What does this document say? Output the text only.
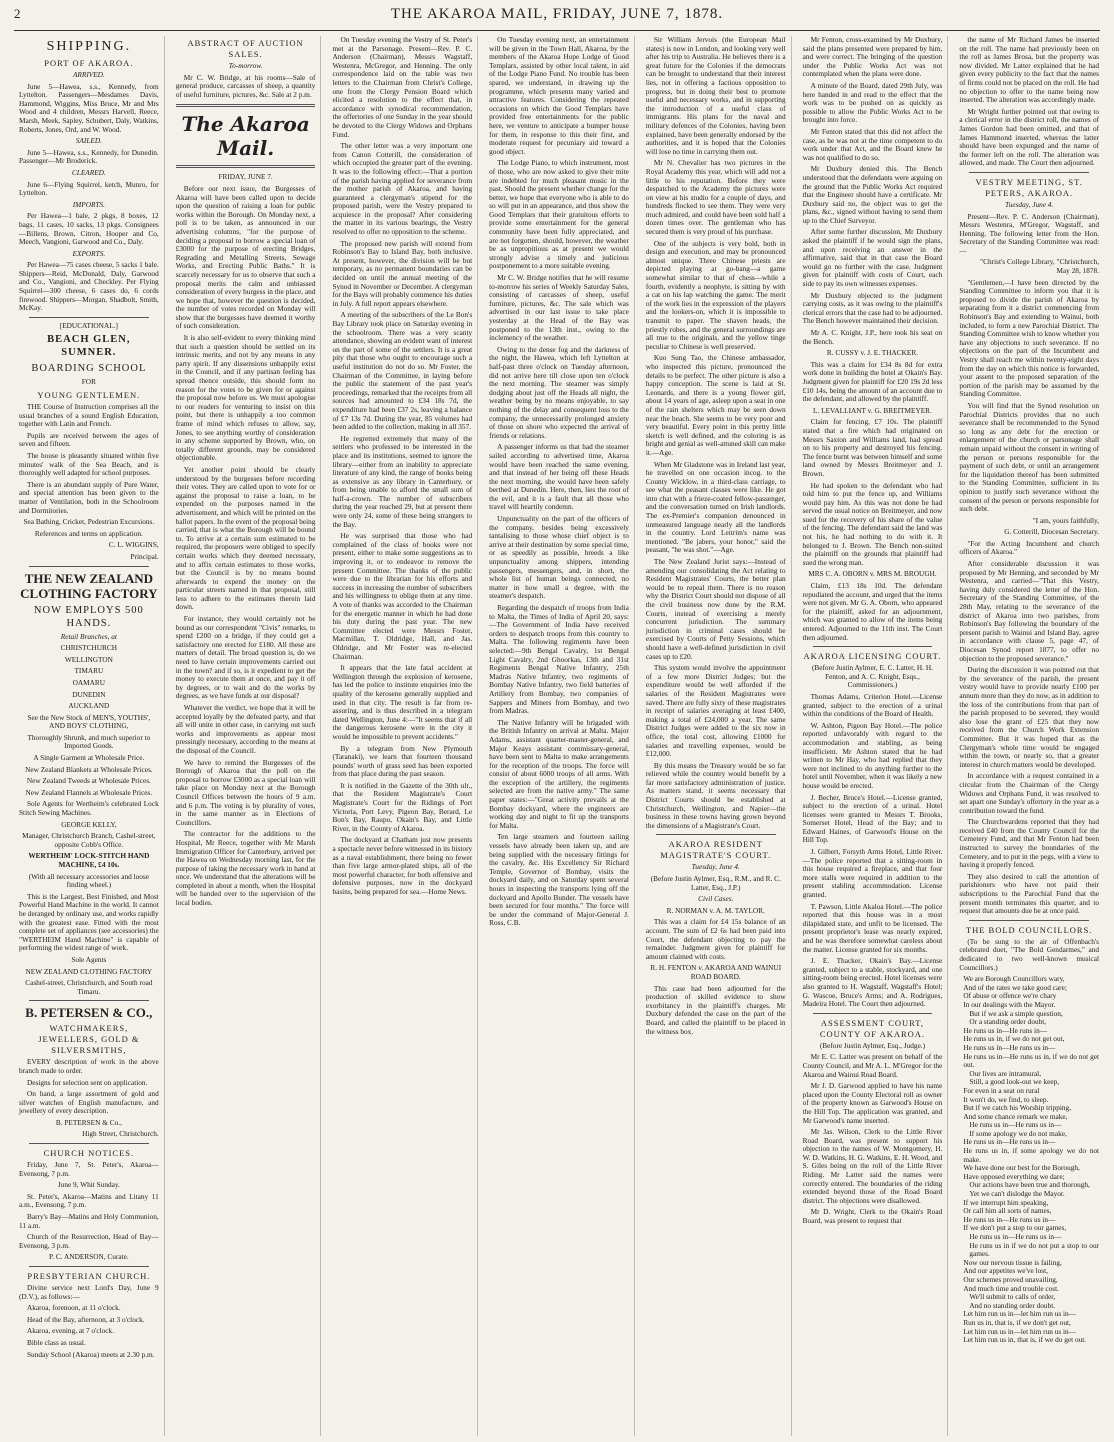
2	THE AKAROA MAIL, FRIDAY, JUNE 7, 1878.
SHIPPING.
PORT OF AKAROA.

ARRIVED.

June 5—Hawea, s.s., Kennedy, from Lyttelton. Passengers—Mesdames Davis, Hammond, Wiggins, Miss Bruce, Mr and Mrs Wood and 4 children, Messrs Harvell, Reece, Marsh, Meek, Sapley, Schubert, Daly, Watkins, Roberts, Jones, Ord, and W. Wood.

SAILED.

June 5—Hawea, s.s., Kennedy, for Dunedin. Passenger—Mr Broderick.

CLEARED.

June 6—Flying Squirrel, ketch, Munro, for Lyttelton.

IMPORTS.

Per Hawea—1 bale, 2 pkgs, 8 boxes, 12 bags, 11 cases, 10 sacks, 13 pkgs. Consignees—Billens, Brown, Citron, Hooper and Co, Meech, Vangioni, Garwood and Co., Daly.

EXPORTS.

Per Hawea—75 cases cheese, 5 sacks 1 bale. Shippers—Reid, McDonald, Daly, Garwood and Co., Vangioni, and Checkley. Per Flying Squirrel—300 cheese, 6 cases do, 6 cords firewood. Shippers—Morgan, Shadbolt, Smith, McKay.

[EDUCATIONAL.]

BEACH GLEN, SUMNER.
BOARDING SCHOOL

FOR

YOUNG GENTLEMEN.

THE Course of Instruction comprises all the usual branches of a sound English Education, together with Latin and French.

Pupils are received between the ages of seven and fifteen.

The house is pleasantly situated within five minutes' walk of the Sea Beach, and is thoroughly well adapted for school purposes.

There is an abundant supply of Pure Water, and special attention has been given to the matter of Ventilation, both in the Schoolroom and Dormitories.

Sea Bathing, Cricket, Pedestrian Excursions.

References and terms on application.

C. L. WIGGINS,

Principal.

THE NEW ZEALAND CLOTHING FACTORY
NOW EMPLOYS 500 HANDS.

Retail Branches, at

CHRISTCHURCH

WELLINGTON

TIMARU

OAMARU

DUNEDIN

AUCKLAND

See the New Stock of MEN'S, YOUTHS', AND BOYS' CLOTHING,

Thoroughly Shrunk, and much superior to Imported Goods.

A Single Garment at Wholesale Price.

New Zealand Blankets at Wholesale Prices.

New Zealand Tweeds at Wholesale Prices.

New Zealand Flannels at Wholesale Prices.

Sole Agents for Wertheim's celebrated Lock Stitch Sewing Machines.

GEORGE KELLY,

Manager, Christchurch Branch, Cashel-street, opposite Cobb's Office.

WERTHEIM' LOCK-STITCH HAND MACHINE, £4 10s.

(With all necessary accessories and loose finding wheel.)

This is the Largest, Best Finished, and Most Powerful Hand Machine in the world. It cannot be deranged by ordinary use, and works rapidly with the greatest ease. Fitted with the most complete set of appliances (see accessories) the "WERTHEIM Hand Machine" is capable of performing the widest range of work.

Sole Agents

NEW ZEALAND CLOTHING FACTORY

Cashel-street, Christchurch, and South road Timaru.

B. PETERSEN & CO.,
WATCHMAKERS, JEWELLERS, GOLD & SILVERSMITHS,

EVERY description of work in the above branch made to order.

Designs for selection sent on application.

On hand, a large assortment of gold and silver watches of English manufacture, and jewellery of every description.

B. PETERSEN & Co.,

High Street, Christchurch.

CHURCH NOTICES.

Friday, June 7, St. Peter's, Akaroa—Evensong, 7 p.m.

June 9, Whit Sunday.

St. Peter's, Akaroa—Matins and Litany 11 a.m., Evensong, 7 p.m.

Barry's Bay—Matins and Holy Communion, 11 a.m.

Church of the Resurrection, Head of Bay—Evensong, 3 p.m.

P. C. ANDERSON, Curate.

PRESBYTERIAN CHURCH.

Divine service next Lord's Day, June 9 (D.V.), as follows:—

Akaroa, forenoon, at 11 o'clock.

Head of the Bay, afternoon, at 3 o'clock.

Akaroa, evening, at 7 o'clock.

Bible class as usual.

Sunday School (Akaroa) meets at 2.30 p.m.

ABSTRACT OF AUCTION SALES.

To-morrow.

Mr C. W. Bridge, at his rooms—Sale of general produce, carcasses of sheep, a quantity of useful furniture, pictures, &c. Sale at 2 p.m.

The Akaroa Mail.

FRIDAY, JUNE 7.

Before our next issue, the Burgesses of Akaroa will have been called upon to decide upon the question of raising a loan for public works within the Borough. On Monday next, a poll is to be taken, as announced in our advertising columns, "for the purpose of deciding a proposal to borrow a special loan of £3000 for the purpose of erecting Bridges, Regrading and Metalling Streets, Sewage Works, and Erecting Public Baths." It is scarcely necessary for us to observe that such a proposal merits the calm and unbiassed consideration of every burgess in the place, and we hope that, however the question is decided, the number of votes recorded on Monday will show that the burgesses have deemed it worthy of such consideration.

It is also self-evident to every thinking mind that such a question should be settled on its intrinsic merits, and not by any means in any party spirit. If any dissensions unhappily exist in the Council, and if any partisan feeling has spread thence outside, this should form no reason for the votes to be given for or against the proposal now before us. We must apologise to our readers for venturing to insist on this point, but there is unhappily a too common frame of mind which refuses to allow, say, Jones, to see anything worthy of consideration in any scheme supported by Brown, who, on totally different grounds, may be considered objectionable.

Yet another point should be clearly understood by the burgesses before recording their votes. They are called upon to vote for or against the proposal to raise a loan, to be expended on the purposes named in the advertisement, and which will be printed on the ballot papers. In the event of the proposal being carried, that is what the Borough will be bound to. To arrive at a certain sum estimated to be required, the proposers were obliged to specify certain works which they deemed necessary, and to affix certain estimates to those works, but the Council is by no means bound afterwards to expend the money on the particular streets named in that proposal, still less to adhere to the estimates therein laid down.

For instance, they would certainly not be bound as our correspondent "Civis" remarks, to spend £200 on a bridge, if they could get a satisfactory one erected for £180. All these are matters of detail. The broad question is, do we need to have certain improvements carried out in the town? and if so, is it expedient to get the money to execute them at once, and pay it off by degrees, or to wait and do the works by degrees, as we have funds at our disposal?

Whatever the verdict, we hope that it will be accepted loyally by the defeated party, and that all will unite in other case, in carrying out such works and improvements as appear most pressingly necessary, according to the means at the disposal of the Council.

We have to remind the Burgesses of the Borough of Akaroa that the poll on the proposal to borrow £3000 as a special loan will take place on Monday next at the Borough Council Offices between the hours of 9 a.m. and 6 p.m. The voting is by plurality of votes, in the same manner as in Elections of Councillors.

The contractor for the additions to the Hospital, Mr Reece, together with Mr Marsh Immigration Officer for Canterbury, arrived per the Hawea on Wednesday morning last, for the purpose of taking the necessary work in hand at once. We understand that the alterations will be completed in about a month, when the Hospital will be handed over to the supervision of the local bodies.

On Tuesday evening the Vestry of St. Peter's met at the Parsonage. Present—Rev. P. C. Anderson (Chairman), Messrs Wagstaff, Westenra, McGregor, and Henning. The only correspondence laid on the table was two letters to the Chairman from Christ's College, one from the Clergy Pension Board which elicited a resolution to the effect that, in accordance with synodical recommendation, the offertories of one Sunday in the year should be devoted to the Clergy Widows and Orphans Fund.

The other letter was a very important one from Canon Cotterill, the consideration of which occupied the greater part of the evening. It was to the following effect:—That a portion of the parish having applied for severance from the mother parish of Akaroa, and having guaranteed a clergyman's stipend for the proposed parish, were the Vestry prepared to acquiesce in the proposal? After considering the matter in its various bearings, the Vestry resolved to offer no opposition to the scheme.

The proposed new parish will extend from Robinson's Bay to Island Bay, both inclusive. At present, however, the division will be but temporary, as no permanent boundaries can be decided on until the annual meeting of the Synod in November or December. A clergyman for the Bays will probably commence his duties in July. A full report appears elsewhere.

A meeting of the subscribers of the Le Bon's Bay Library took place on Saturday evening in the schoolroom. There was a very scanty attendance, showing an evident want of interest on the part of some of the settlers. It is a great pity that those who ought to encourage such a useful institution do not do so. Mr Foster, the Chairman of the Committee, in laying before the public the statement of the past year's proceedings, remarked that the receipts from all sources had amounted to £34 18s 7d, the expenditure had been £37 2s, leaving a balance of £7 13s 7d. During the year, 85 volumes had been added to the collection, making in all 357.

He regretted extremely that many of the settlers who professed to be interested in the place and its institutions, seemed to ignore the library—either from an inability to appreciate literature of any kind, the range of books being as extensive as any library in Canterbury, or from being unable to afford the small sum of half-a-crown. The number of subscribers during the year reached 29, but at present there were only 24, some of these being strangers to the Bay.

He was surprised that those who had complained of the class of books were not present, either to make some suggestions as to improving it, or to endeavor to remove the present Committee. The thanks of the public were due to the librarian for his efforts and success in increasing the number of subscribers and his willingness to oblige them at any time. A vote of thanks was accorded to the Chairman for the energetic manner in which he had done his duty during the past year. The new Committee elected were Messrs Foster, Macmillan, T. Oldridge, Hall, and Jas. Oldridge, and Mr Foster was re-elected Chairman.

It appears that the late fatal accident at Wellington through the explosion of kerosene, has led the police to institute enquiries into the quality of the kerosene generally supplied and used in that city. The result is far from re-assuring, and is thus described in a telegram dated Wellington, June 4:—"It seems that if all the dangerous kerosene were in the city it would be impossible to prevent accidents."

By a telegram from New Plymouth (Taranaki), we learn that fourteen thousand pounds' worth of grass seed has been exported from that place during the past season.

It is notified in the Gazette of the 30th ult., that the Resident Magistrate's Court Magistrate's Court for the Ridings of Port Victoria, Port Levy, Pigeon Bay, Berard, Le Bon's Bay, Raupo, Okain's Bay, and Little River, in the County of Akaroa.

The dockyard at Chatham just now presents a spectacle never before witnessed in its history as a naval establishment, there being no fewer than five large armor-plated ships, all of the most powerful character, for both offensive and defensive purposes, now in the dockyard basins, being prepared for sea.—Home News.

On Tuesday evening next, an entertainment will be given in the Town Hall, Akaroa, by the members of the Akaroa Hope Lodge of Good Templars, assisted by other local talent, in aid of the Lodge Piano Fund. No trouble has been spared, we understand, in drawing up the programme, which presents many varied and attractive features. Considering the repeated occasions on which the Good Templars have provided free entertainments for the public here, we venture to anticipate a bumper house for them, in response to this their first, and moderate request for pecuniary aid toward a good object.

The Lodge Piano, to which instrument, most of those, who are now asked to give their mite are indebted for much pleasant music in the past. Should the present whether change for the better, we hope that everyone who is able to do so will put in an appearance, and thus show the Good Templars that their gratuitous efforts to provide some entertainment for the general community have been fully appreciated, and are not forgotten, should, however, the weather be as unpropitious as at present we would strongly advise a timely and judicious postponement to a more suitable evening.

Mr C. W. Bridge notifies that he will resume to-morrow his series of Weekly Saturday Sales, consisting of carcasses of sheep, useful furniture, pictures, &c. The sale which was advertised in our last issue to take place yesterday at the Head of the Bay was postponed to the 13th inst., owing to the inclemency of the weather.

Owing to the dense fog and the darkness of the night, the Hawea, which left Lyttelton at half-past three o'clock on Tuesday afternoon, did not arrive here till close upon ten o'clock the next morning. The steamer was simply dodging about just off the Heads all night, the weather being by no means enjoyable, to say nothing of the delay and consequent loss to the company, the unnecessarily prolonged anxiety of those on shore who expected the arrival of friends or relations.

A passenger informs us that had the steamer sailed according to advertised time, Akaroa would have been reached the same evening, and that instead of her being off these Heads the next morning, she would have been safely berthed at Dunedin. Here, then, lies the root of the evil, and it is a fault that all those who travel will heartily condemn.

Unpunctuality on the part of the officers of the company, besides being excessively tantalising to those whose chief object is to arrive at their destination by some special time, or as speedily as possible, breeds a like unpunctuality among shippers, intending passengers, messengers, and, in short, the whole list of human beings connected, no matter in how small a degree, with the steamer's despatch.

Regarding the despatch of troops from India to Malta, the Times of India of April 20, says:—The Government of India have received orders to despatch troops from this country to Malta. The following regiments have been selected:—9th Bengal Cavalry, 1st Bengal Light Cavalry, 2nd Ghoorkas, 13th and 31st Regiments Bengal Native Infantry, 25th Madras Native Infantry, two regiments of Bombay Native Infantry, two field batteries of Artillery from Bombay, two companies of Sappers and Miners from Bombay, and two from Madras.

The Native Infantry will be brigaded with the British Infantry on arrival at Malta. Major Adams, assistant quarter-master-general, and Major Keays assistant commissary-general, have been sent to Malta to make arrangements for the reception of the troops. The force will consist of about 6000 troops of all arms. With the exception of the artillery, the regiments selected are from the native army." The same paper states:—"Great activity prevails at the Bombay dockyard, where the engineers are working day and night to fit up the transports for Malta.

Ten large steamers and fourteen sailing vessels have already been taken up, and are being supplied with the necessary fittings for the cavalry, &c. His Excellency Sir Richard Temple, Governor of Bombay, visits the dockyard daily, and on Saturday spent several hours in inspecting the transports lying off the dockyard and Apollo Bunder. The vessels have been secured for four months." The force will be under the command of Major-General J. Ross, C.B.

Sir William Jervois (the European Mail states) is now in London, and looking very well after his trip to Australia. He believes there is a great future for the Colonies if the democrats can be brought to understand that their interest lies, not in offering a factious opposition to progress, but in doing their best to promote useful and necessary works, and in supporting the introduction of a useful class of immigrants. His plans for the naval and military defences of the Colonies, having been explained, have been generally endorsed by the authorities, and it is hoped that the Colonies will lose no time in carrying them out.

Mr N. Chevalier has two pictures in the Royal Academy this year, which will add not a little to his reputation. Before they were despatched to the Academy the pictures were on view at his studio for a couple of days, and hundreds flocked to see them. They were very much admired, and could have been sold half a dozen times over. The gentleman who has secured them is very proud of his purchase.

One of the subjects is very bold, both in design and execution, and may be pronounced almost unique. Three Chinese priests are depicted playing at go-bang—a game somewhat similar to that of chess—while a fourth, evidently a neophyte, is sitting by with a cat on his lap watching the game. The merit of the work lies in the expression of the players and the lookers-on, which it is impossible to transmit to paper. The shaven heads, the priestly robes, and the general surroundings are all true to the originals, and the yellow tinge peculiar to Chinese is well preserved.

Kuo Sung Tao, the Chinese ambassador, who inspected this picture, pronounced the details to be perfect. The other picture is also a happy conception. The scene is laid at St. Leonards, and there is a young flower girl, about 14 years of age, asleep upon a seat in one of the rain shelters which may be seen down near the beach. She seems to be very poor and very beautiful. Every point in this pretty little sketch is well defined, and the coloring is as bright and genial as well-attuned skill can make it.—Age.

When Mr Gladstone was in Ireland last year, he travelled on one occasion incog. to the County Wicklow, in a third-class carriage, to see what the peasant classes were like. He got into chat with a frieze-coated fellow-passenger, and the conversation turned on Irish landlords. The ex-Premier's companion denounced in unmeasured language nearly all the landlords in the country. Lord Leitrim's name was mentioned. "Be jabers, your honor," said the peasant, "he was shot."—Age.

The New Zealand Jurist says:—Instead of amending our consolidating the Act relating to Resident Magistrates' Courts, the better plan would be to repeal them. There is no reason why the District Court should not dispose of all the civil business now done by the R.M. Courts, instead of exercising a merely concurrent jurisdiction. The summary jurisdiction in criminal cases should be exercised by Courts of Petty Sessions, which should have a well-defined jurisdiction in civil cases up to £20.

This system would involve the appointment of a few more District Judges; but the expenditure would be well afforded if the salaries of the Resident Magistrates were saved. There are fully sixty of these magistrates in receipt of salaries averaging at least £400, making a total of £24,000 a year. The same District Judges were added to the six now in office, the total cost, allowing £1000 for salaries and travelling expenses, would be £12,000.

By this means the Treasury would be so far relieved while the country would benefit by a far more satisfactory administration of justice. As matters stand, it seems necessary that District Courts should be established at Christchurch, Wellington, and Napier—the business in these towns having grown beyond the dimensions of a Magistrate's Court.

AKAROA RESIDENT MAGISTRATE'S COURT.

Tuesday, June 4.

(Before Justin Aylmer, Esq., R.M., and R. C. Latter, Esq., J.P.)

Civil Cases.

R. NORMAN v. A. M. TAYLOR.

This was a claim for £4 15s balance of an account. The sum of £2 6s had been paid into Court, the defendant objecting to pay the remainder. Judgment given for plaintiff for amount claimed with costs.

R. H. FENTON v. AKAROA AND WAINUI ROAD BOARD.

This case had been adjourned for the production of skilled evidence to show exorbitancy in the plaintiff's charges. Mr Duxbury defended the case on the part of the Board, and called the plaintiff to be placed in the witness box.

Mr Fenton, cross-examined by Mr Duxbury, said the plans presented were prepared by him, and were correct. The bringing of the question under the Public Works Act was not contemplated when the plans were done.

A minute of the Board, dated 29th July, was here handed in and read to the effect that the work was to be pushed on as quickly as possible to allow the Public Works Act to be brought into force.

Mr Fenton stated that this did not affect the case, as he was not at the time competent to do work under that Act, and the Board knew he was not qualified to do so.

Mr Duxbury denied this. The Bench understood that the defendants were arguing on the ground that the Public Works Act required that the Engineer should have a certificate. Mr Duxbury said no, the object was to get the plans, &c., signed without having to send them up to the Chief Surveyor.

After some further discussion, Mr Duxbury asked the plaintiff if he would sign the plans, and upon receiving an answer in the affirmative, said that in that case the Board would go no further with the case. Judgment given for plaintiff with costs of Court, each side to pay its own witnesses expenses.

Mr Duxbury objected to the judgment carrying costs, as it was owing to the plaintiff's clerical errors that the case had to be adjourned. The Bench however maintained their decision.

Mr A. C. Knight, J.P., here took his seat on the Bench.

R. CUSSY v. J. E. THACKER.

This was a claim for £34 8s 8d for extra work done in building the hotel at Okain's Bay. Judgment given for plaintiff for £20 19s 2d less £10 14s, being the amount of an account due to the defendant, and allowed by the plaintiff.

L. LEVALLIANT v. G. BREITMEYER.

Claim for fencing, £7 10s. The plaintiff stated that a fire which had originated on Messrs Saxton and Williams land, had spread on to his property and destroyed his fencing. The fence burnt was between himself and some land owned by Messrs Breitmeyer and J. Brown.

He had spoken to the defendant who had told him to put the fence up, and Williams would pay him. As this was not done he had served the usual notice on Breitmeyer, and now sued for the recovery of his share of the value of the fencing. The defendant said the land was not his, he had nothing to do with it. It belonged to J. Brown. The Bench non-suited the plaintiff on the grounds that plaintiff had sued the wrong man.

MRS C. A. OBORN v. MRS M. BROUGH.

Claim, £13 18s 10d. The defendant repudiated the account, and urged that the items were not given. Mr G. A. Oborn, who appeared for the plaintiff, asked for an adjournment, which was granted to allow of the items being entered. Adjourned to the 11th inst. The Court then adjourned.

AKAROA LICENSING COURT.

(Before Justin Aylmer, E. C. Latter, H. H. Fenton, and A. C. Knight, Esqs., Commissioners.)

Thomas Adams, Criterion Hotel.—License granted, subject to the erection of a urinal within the conditions of the Board of Health.

W. Ashton, Pigeon Bay Hotel.—The police reported unfavorably with regard to the accommodation and stabling, as being insufficient. Mr Ashton stated that he had written to Mr Hay, who had replied that they were not inclined to do anything further to the hotel until November, when it was likely a new house would be erected.

J. Becher, Bruce's Hotel.—License granted, subject to the erection of a urinal. Hotel licenses were granted to Messrs T. Brooks, Somerset Hotel, Head of the Bay; and to Edward Haines, of Garwood's House on the Hill Top.

J. Gilbert, Forsyth Arms Hotel, Little River.—The police reported that a sitting-room in this house required a fireplace, and that four more stalls were required in addition to the present stabling accommodation. License granted.

T. Pawson, Little Akaloa Hotel.—The police reported that this house was in a most dilapidated state, and unfit to be licensed. The present proprietor's lease was nearly expired, and he was therefore somewhat careless about the matter. License granted for six months.

J. E. Thacker, Okain's Bay.—License granted, subject to a stable, stockyard, and one sitting-room being erected. Hotel licenses were also granted to H. Wagstaff, Wagstaff's Hotel; G. Wascoe, Bruce's Arms; and A. Rodrigues, Madeira Hotel. The Court then adjourned.

ASSESSMENT COURT, COUNTY OF AKAROA.

(Before Justin Aylmer, Esq., Judge.)

Mr E. C. Latter was present on behalf of the County Council, and Mr A. L. M'Gregor for the Akaroa and Wainui Road Board.

Mr J. D. Garwood applied to have his name placed upon the County Electoral roll as owner of the property known as Garwood's House on the Hill Top. The application was granted, and Mr Garwood's name inserted.

Mr Jas. Wilson, Clerk to the Little River Road Board, was present to support his objection to the names of W. Montgomery, H. W. D. Watkins, H. G. Watkins, E. H. Wood, and S. Giles being on the roll of the Little River Riding. Mr Latter said the names were correctly entered. The boundaries of the riding extended beyond those of the Road Board district. The objections were disallowed.

Mr D. Wright, Clerk to the Okain's Road Board, was present to request that

the name of Mr Richard James be inserted on the roll. The name had previously been on the roll as James Brosa, but the property was now divided. Mr Latter explained that he had given every publicity to the fact that the names of firms could not be placed on the roll. He had no objection to offer to the name being now inserted. The alteration was accordingly made.

Mr Wright further pointed out that owing to a clerical error in the district roll, the names of James Gordon had been omitted, and that of James Hammond inserted, whereas the latter should have been expunged and the name of the former left on the roll. The alteration was allowed, and made. The Court then adjourned.

VESTRY MEETING, ST. PETERS, AKAROA.

Tuesday, June 4.

Present—Rev. P. C. Anderson (Chairman), Messrs Westenra, M'Gregor, Wagstaff, and Henning. The following letter from the Hon. Secretary of the Standing Committee was read:—

"Christ's College Library, "Christchurch, May 28, 1878.

"Gentlemen,—I have been directed by the Standing Committee to inform you that it is proposed to divide the parish of Akaroa by separating from it a district commencing from Robinson's Bay and extending to Wainui, both included, to form a new Parochial District. The Standing Committee wish to know whether you have any objections to such severance. If no objections on the part of the Incumbent and Vestry shall reach me within twenty-eight days from the day on which this notice is forwarded, your assent to the proposed separation of the portion of the parish may be assumed by the Standing Committee.

You will find that the Synod resolution on Parochial Districts provides that no such severance shall be recommended to the Synod so long as any debt for the erection or enlargement of the church or parsonage shall remain unpaid without the consent in writing of the person or persons responsible for the payment of such debt, or until an arrangement for the liquidation thereof has been submitted to the Standing Committee, sufficient in its opinion to justify such severance without the consent of the person or persons responsible for such debt.

"I am, yours faithfully,

G. Cotterill, Diocesan Secretary.

"For the Acting Incumbent and church officers of Akaroa."

After considerable discussion it was proposed by Mr Henning, and seconded by Mr Westenra, and carried—"That this Vestry, having duly considered the letter of the Hon. Secretary of the Standing Committee, of the 28th May, relating to the severance of the district of Akaroa into two parishes, from Robinson's Bay following the boundary of the present parish to Wainui and Island Bay, agree in accordance with clause 5, page 47, of Diocesan Synod report 1877, to offer no objection to the proposed severance."

During the discussion it was pointed out that by the severance of the parish, the present vestry would have to provide nearly £100 per annum more than they do now, as in addition to the loss of the contributions from that part of the parish proposed to be severed, they would also lose the grant of £25 that they now received from the Church Work Extension Committee. But it was hoped that as the Clergyman's whole time would be engaged within the town, or nearly so, that a greater interest in church matters would be developed.

In accordance with a request contained in a circular from the Chairman of the Clergy Widows and Orphans Fund, it was resolved to set apart one Sunday's offertory in the year as a contribution toward the fund.

The Churchwardens reported that they had received £40 from the County Council for the Cemetery Fund, and that Mr Fenton had been instructed to survey the boundaries of the Cemetery, and to put in the pegs, with a view to having it properly fenced.

They also desired to call the attention of parishioners who have not paid their subscriptions to the Parochial Fund that the present month terminates this quarter, and to request that amounts due be at once paid.

THE BOLD COUNCILLORS.

(To be sung to the air of Offenbach's celebrated duet, "The Bold Gendarmes," and dedicated to two well-known musical Councillors.)

We are Borough Councillors wary,

And of the rates we take good care;

Of abuse or offence we're chary

In our dealings with the Mayor.

But if we ask a simple question,

Or a standing order doubt,

He runs us in—He runs in—

He runs us in, if we do not get out,

He runs us in—He runs us in—

He runs us in—He runs us in, if we do not get out.

Our lives are intramural,

Still, a good look-out we keep,

For even in a seat on rural

It won't do, we find, to sleep.

But if we catch his Worship tripping,

And some chance remark we make,

He runs us in—He runs us in—

If some apology we do not make,

He runs us in—He runs us in—

He runs us in, if some apology we do not make.

We have done our best for the Borough,

Have opposed everything we dare;

Our actions have been true and thorough,

Yet we can't dislodge the Mayor.

If we interrupt him speaking,

Or call him all sorts of names,

He runs us in—He runs us in—

If we don't put a stop to our games,

He runs us in—He runs us in—

He runs us in if we do not put a stop to our games.

Now our nervous tissue is failing,

And our appetites we've lost,

Our schemes proved unavailing,

And much time and trouble cost.

We'll submit to calls of order,

And no standing order doubt.

Let him run us in—let him run us in—

Run us in, that is, if we don't get out,

Let him run us in—let him run us in—

Let him run us in, that is, if we do get out.
